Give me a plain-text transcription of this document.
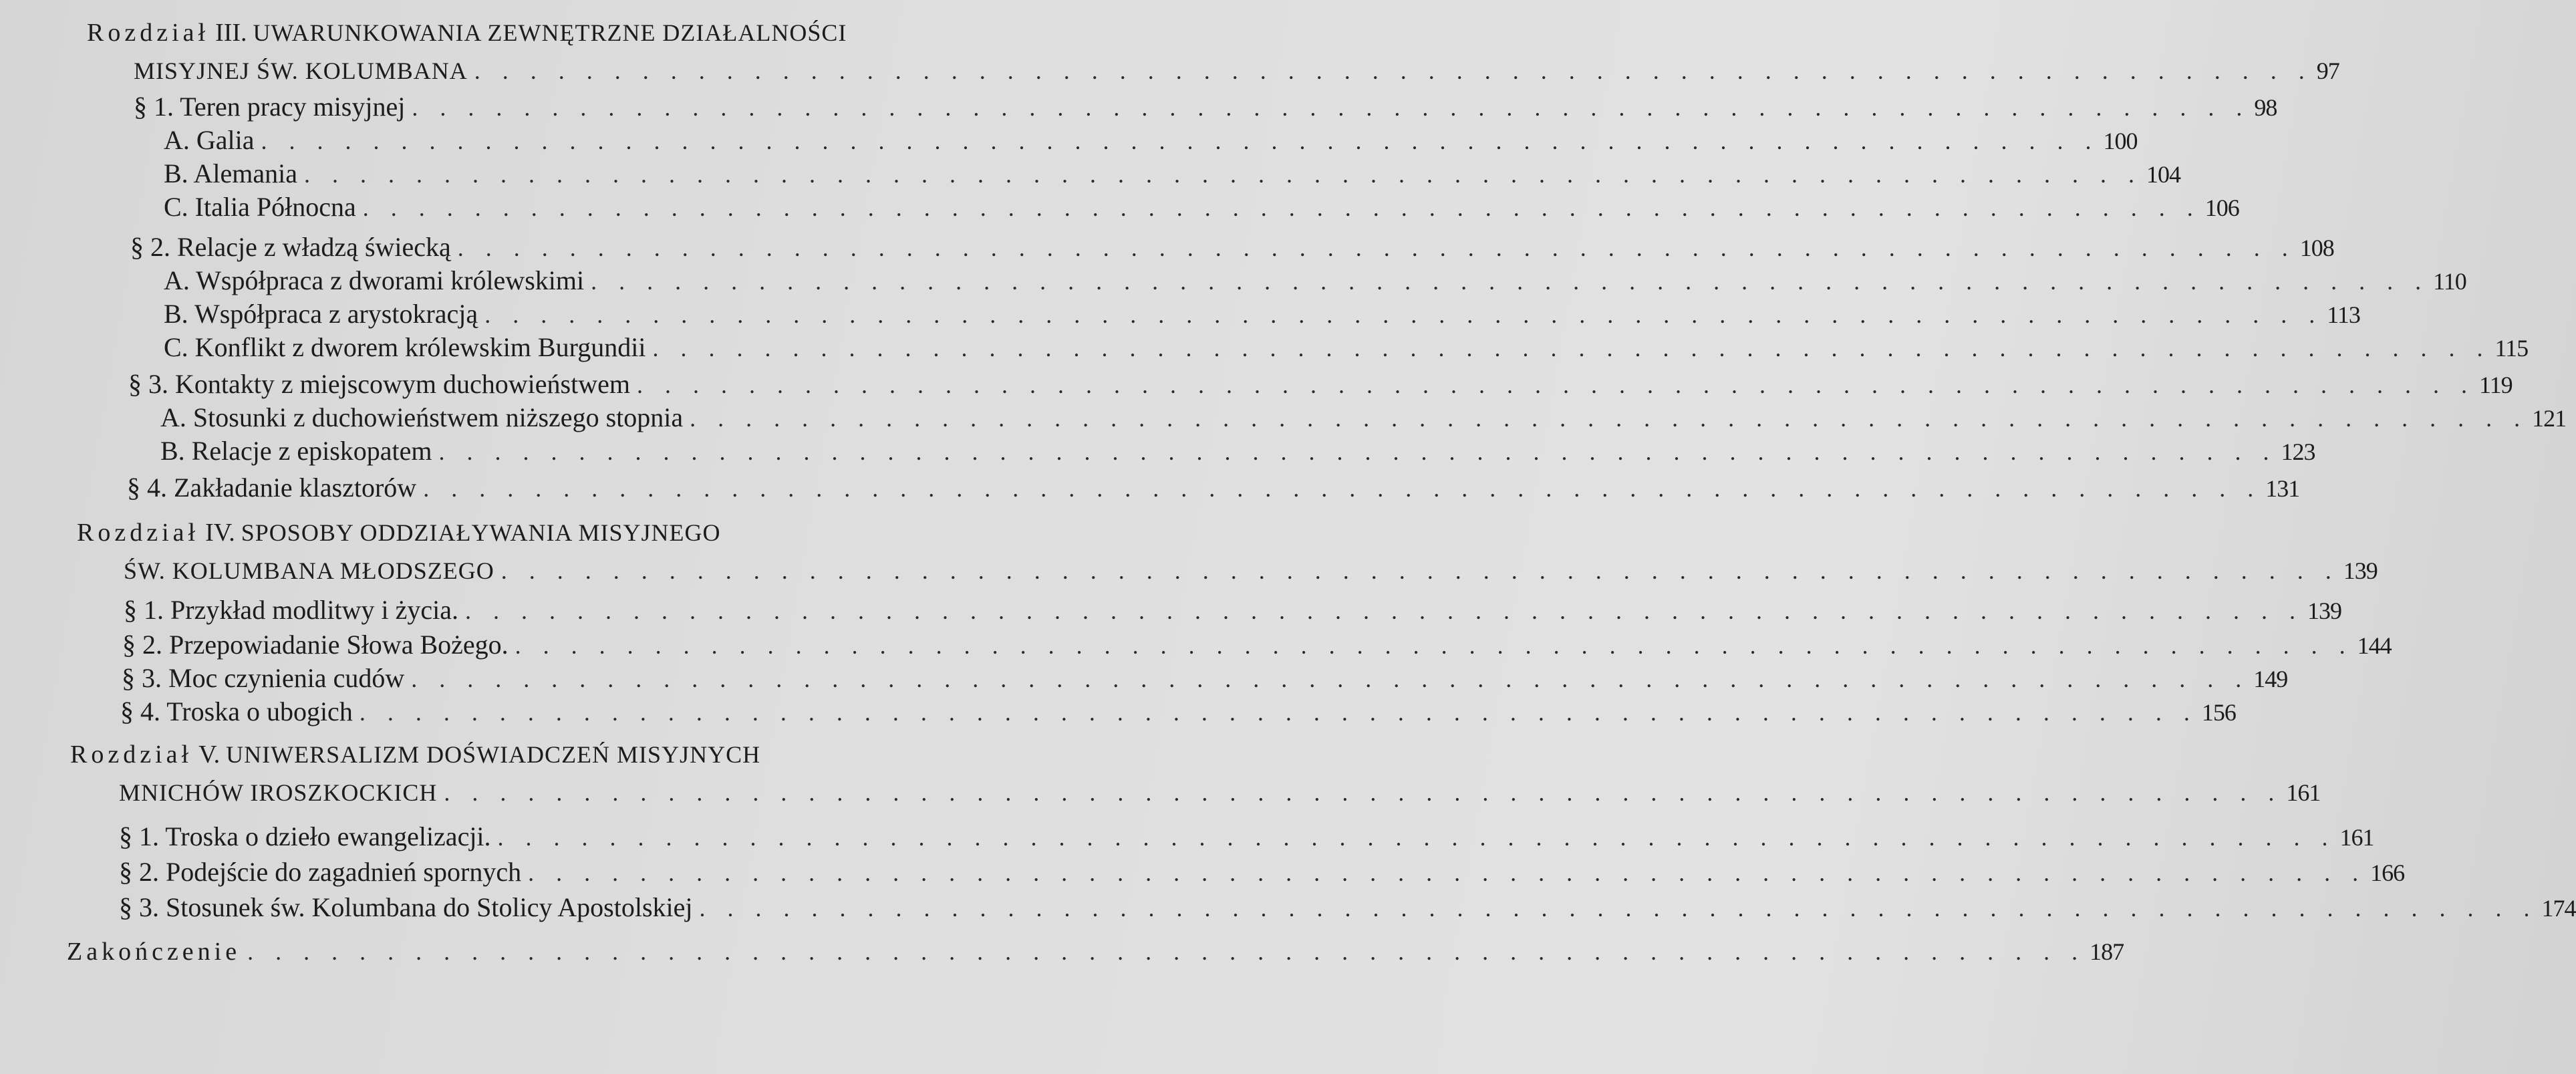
Rozdział III. UWARUNKOWANIA ZEWNĘTRZNE DZIAŁALNOŚCI
MISYJNEJ ŚW. KOLUMBANA . . . . . . . . . . . . . . . . . . . . . . . . . . . . . . . . . . . . . . . . . . . . . . . . . . . . . . . . . . . . . . . . . . 97
§ 1. Teren pracy misyjnej . . . . . . . . . . . . . . . . . . . . . . . . . . . . . . . . . . . . . . . . . . . . . . . . . . . . . . . . . . . . . . . . . . 98
A. Galia . . . . . . . . . . . . . . . . . . . . . . . . . . . . . . . . . . . . . . . . . . . . . . . . . . . . . . . . . . . . . . . . . . 100
B. Alemania . . . . . . . . . . . . . . . . . . . . . . . . . . . . . . . . . . . . . . . . . . . . . . . . . . . . . . . . . . . . . . . . . . 104
C. Italia Północna . . . . . . . . . . . . . . . . . . . . . . . . . . . . . . . . . . . . . . . . . . . . . . . . . . . . . . . . . . . . . . . . . . 106
§ 2. Relacje z władzą świecką . . . . . . . . . . . . . . . . . . . . . . . . . . . . . . . . . . . . . . . . . . . . . . . . . . . . . . . . . . . . . . . . . . 108
A. Współpraca z dworami królewskimi . . . . . . . . . . . . . . . . . . . . . . . . . . . . . . . . . . . . . . . . . . . . . . . . . . . . . . . . . . . . . . . . . . 110
B. Współpraca z arystokracją . . . . . . . . . . . . . . . . . . . . . . . . . . . . . . . . . . . . . . . . . . . . . . . . . . . . . . . . . . . . . . . . . . 113
C. Konflikt z dworem królewskim Burgundii . . . . . . . . . . . . . . . . . . . . . . . . . . . . . . . . . . . . . . . . . . . . . . . . . . . . . . . . . . . . . . . . . . 115
§ 3. Kontakty z miejscowym duchowieństwem . . . . . . . . . . . . . . . . . . . . . . . . . . . . . . . . . . . . . . . . . . . . . . . . . . . . . . . . . . . . . . . . . . 119
A. Stosunki z duchowieństwem niższego stopnia . . . . . . . . . . . . . . . . . . . . . . . . . . . . . . . . . . . . . . . . . . . . . . . . . . . . . . . . . . . . . . . . . . 121
B. Relacje z episkopatem . . . . . . . . . . . . . . . . . . . . . . . . . . . . . . . . . . . . . . . . . . . . . . . . . . . . . . . . . . . . . . . . . . 123
§ 4. Zakładanie klasztorów . . . . . . . . . . . . . . . . . . . . . . . . . . . . . . . . . . . . . . . . . . . . . . . . . . . . . . . . . . . . . . . . . . 131
Rozdział IV. SPOSOBY ODDZIAŁYWANIA MISYJNEGO
ŚW. KOLUMBANA MŁODSZEGO . . . . . . . . . . . . . . . . . . . . . . . . . . . . . . . . . . . . . . . . . . . . . . . . . . . . . . . . . . . . . . . . . . 139
§ 1. Przykład modlitwy i życia. . . . . . . . . . . . . . . . . . . . . . . . . . . . . . . . . . . . . . . . . . . . . . . . . . . . . . . . . . . . . . . . . . . 139
§ 2. Przepowiadanie Słowa Bożego. . . . . . . . . . . . . . . . . . . . . . . . . . . . . . . . . . . . . . . . . . . . . . . . . . . . . . . . . . . . . . . . . . . 144
§ 3. Moc czynienia cudów . . . . . . . . . . . . . . . . . . . . . . . . . . . . . . . . . . . . . . . . . . . . . . . . . . . . . . . . . . . . . . . . . . 149
§ 4. Troska o ubogich . . . . . . . . . . . . . . . . . . . . . . . . . . . . . . . . . . . . . . . . . . . . . . . . . . . . . . . . . . . . . . . . . . 156
Rozdział V. UNIWERSALIZM DOŚWIADCZEŃ MISYJNYCH
MNICHÓW IROSZKOCKICH . . . . . . . . . . . . . . . . . . . . . . . . . . . . . . . . . . . . . . . . . . . . . . . . . . . . . . . . . . . . . . . . . . 161
§ 1. Troska o dzieło ewangelizacji. . . . . . . . . . . . . . . . . . . . . . . . . . . . . . . . . . . . . . . . . . . . . . . . . . . . . . . . . . . . . . . . . . . 161
§ 2. Podejście do zagadnień spornych . . . . . . . . . . . . . . . . . . . . . . . . . . . . . . . . . . . . . . . . . . . . . . . . . . . . . . . . . . . . . . . . . . 166
§ 3. Stosunek św. Kolumbana do Stolicy Apostolskiej . . . . . . . . . . . . . . . . . . . . . . . . . . . . . . . . . . . . . . . . . . . . . . . . . . . . . . . . . . . . . . . . . . 174
Zakończenie . . . . . . . . . . . . . . . . . . . . . . . . . . . . . . . . . . . . . . . . . . . . . . . . . . . . . . . . . . . . . . . . . . 187
